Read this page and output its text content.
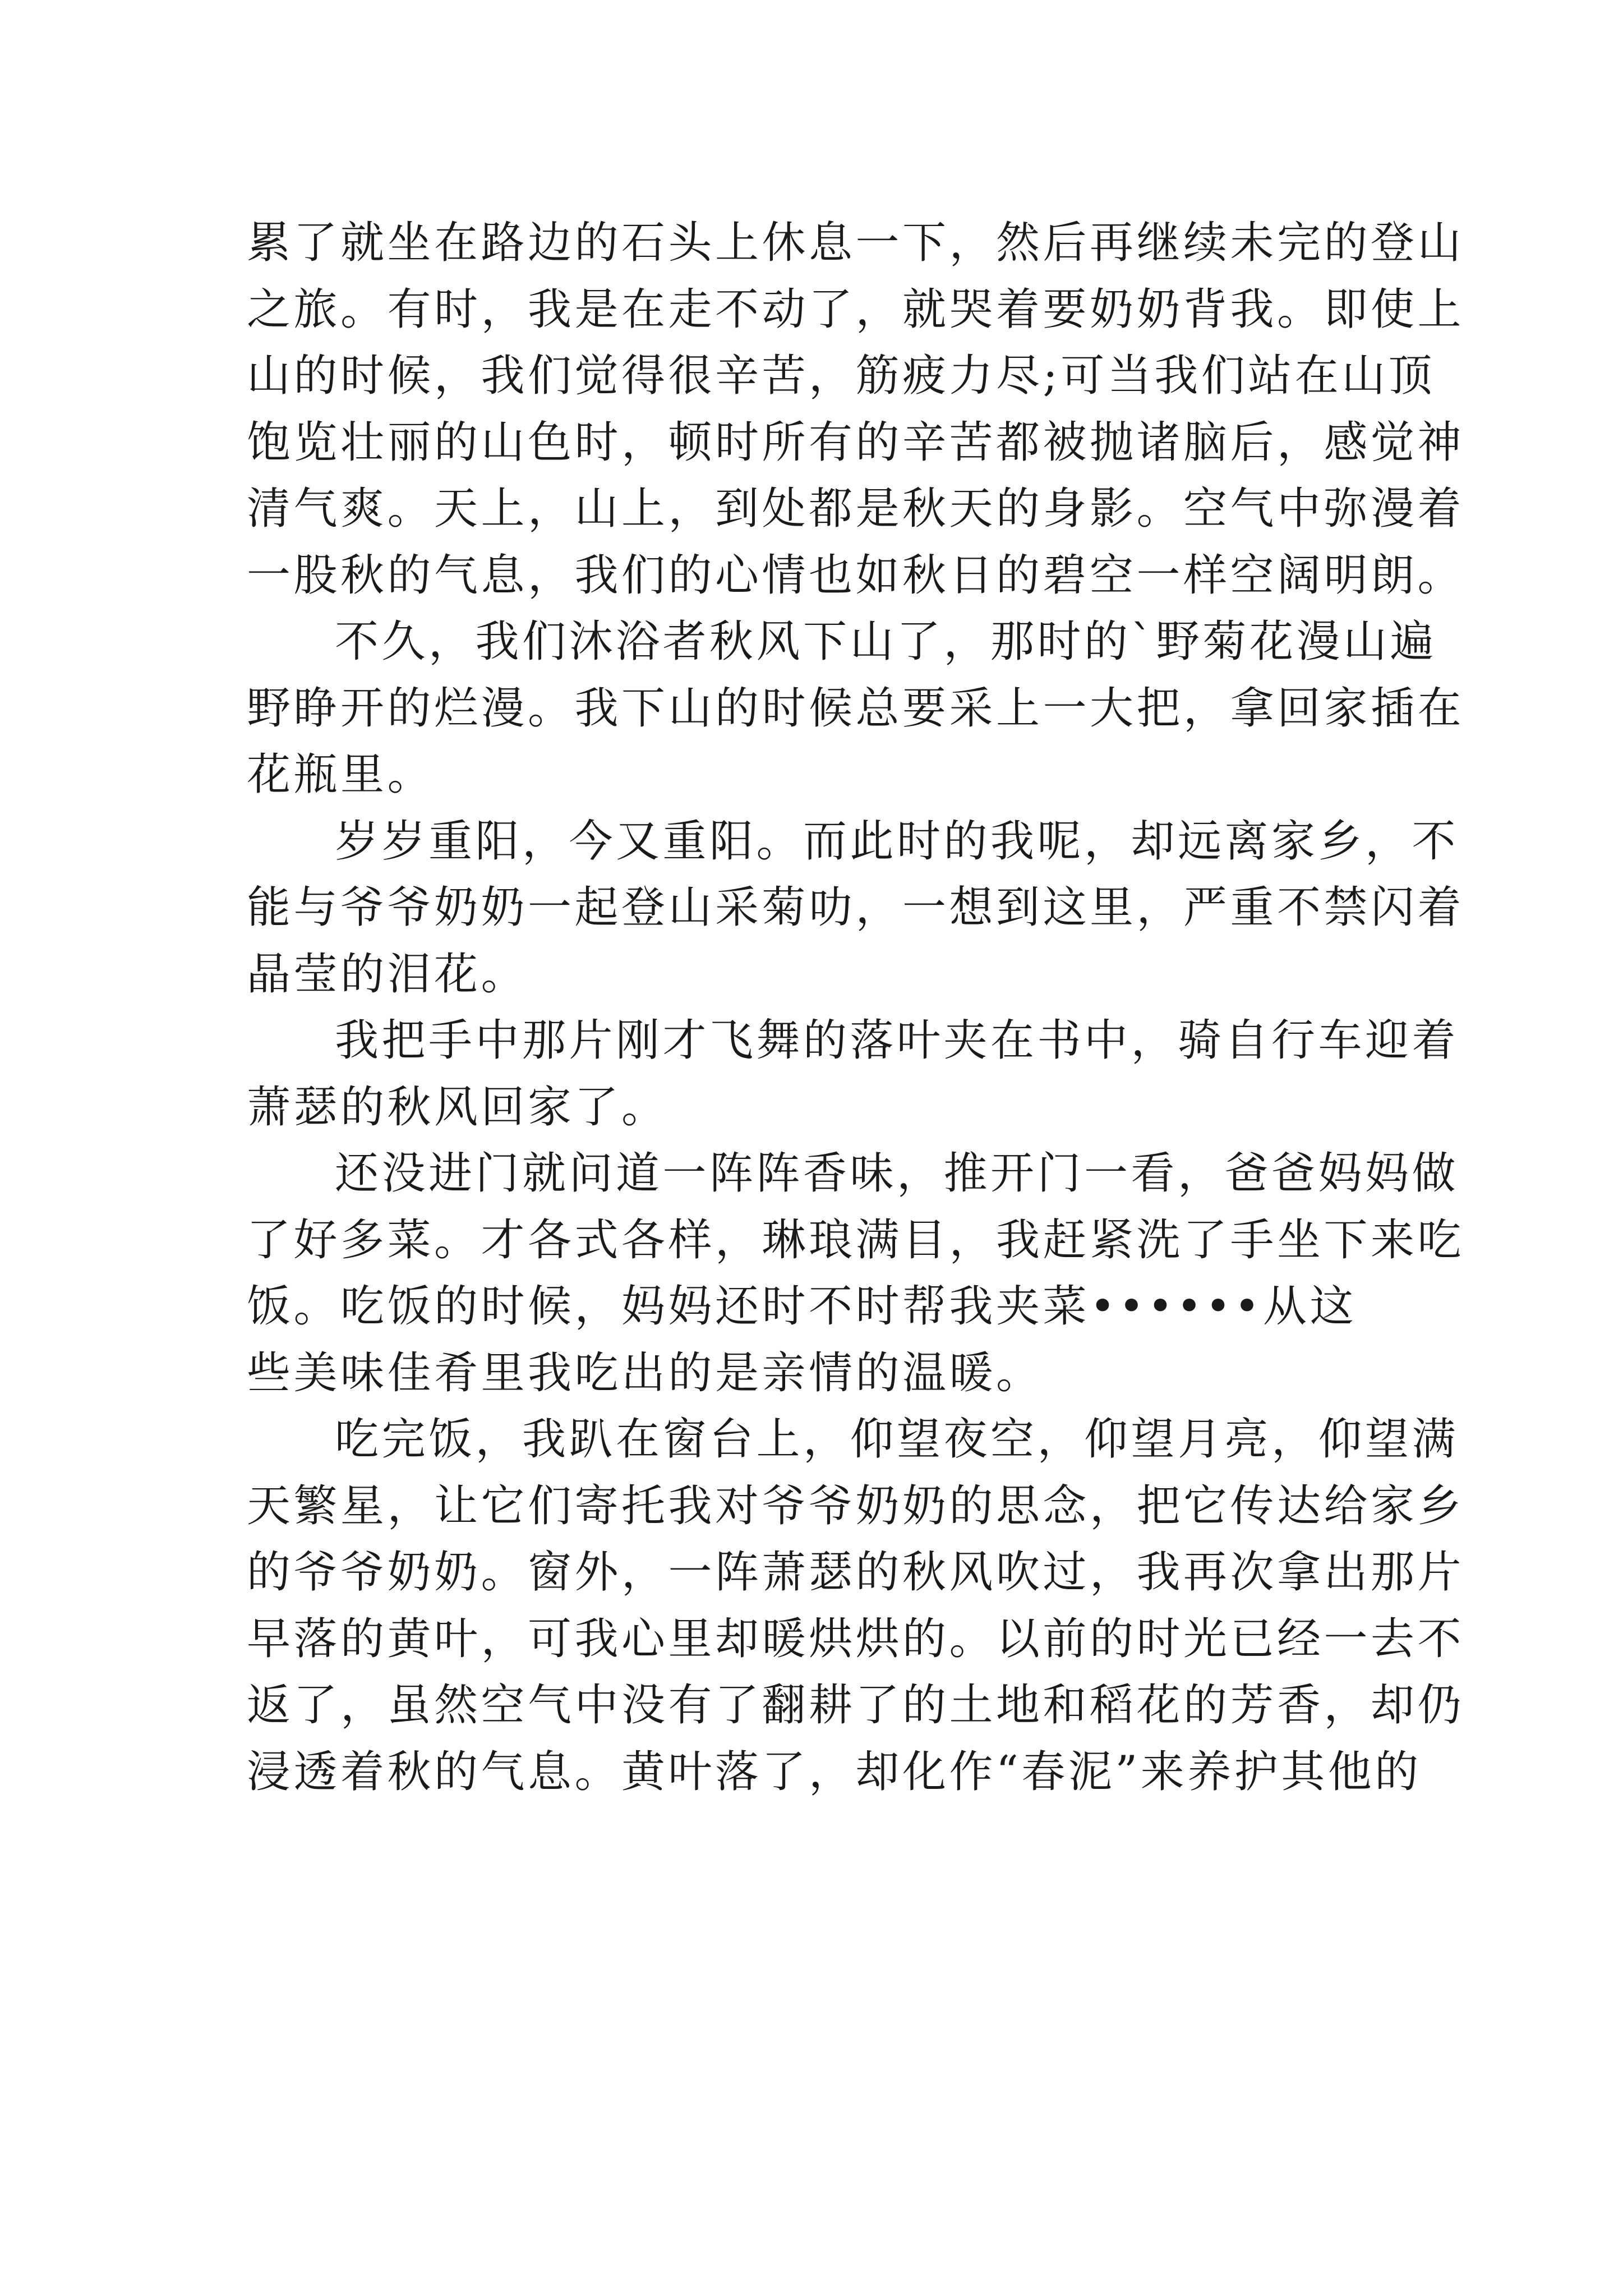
累了就坐在路边的石头上休息一下，然后再继续未完的登山
之旅。有时，我是在走不动了，就哭着要奶奶背我。即使上
山的时候，我们觉得很辛苦，筋疲力尽;可当我们站在山顶
饱览壮丽的山色时，顿时所有的辛苦都被抛诸脑后，感觉神
清气爽。天上，山上，到处都是秋天的身影。空气中弥漫着
一股秋的气息，我们的心情也如秋日的碧空一样空阔明朗。
不久，我们沐浴者秋风下山了，那时的`野菊花漫山遍
野睁开的烂漫。我下山的时候总要采上一大把，拿回家插在
花瓶里。
岁岁重阳，今又重阳。而此时的我呢，却远离家乡，不
能与爷爷奶奶一起登山采菊叻，一想到这里，严重不禁闪着
晶莹的泪花。
我把手中那片刚才飞舞的落叶夹在书中，骑自行车迎着
萧瑟的秋风回家了。
还没进门就问道一阵阵香味，推开门一看，爸爸妈妈做
了好多菜。才各式各样，琳琅满目，我赶紧洗了手坐下来吃
饭。吃饭的时候，妈妈还时不时帮我夹菜••••••从这
些美味佳肴里我吃出的是亲情的温暖。
吃完饭，我趴在窗台上，仰望夜空，仰望月亮，仰望满
天繁星，让它们寄托我对爷爷奶奶的思念，把它传达给家乡
的爷爷奶奶。窗外，一阵萧瑟的秋风吹过，我再次拿出那片
早落的黄叶，可我心里却暖烘烘的。以前的时光已经一去不
返了，虽然空气中没有了翻耕了的土地和稻花的芳香，却仍
浸透着秋的气息。黄叶落了，却化作“春泥”来养护其他的
